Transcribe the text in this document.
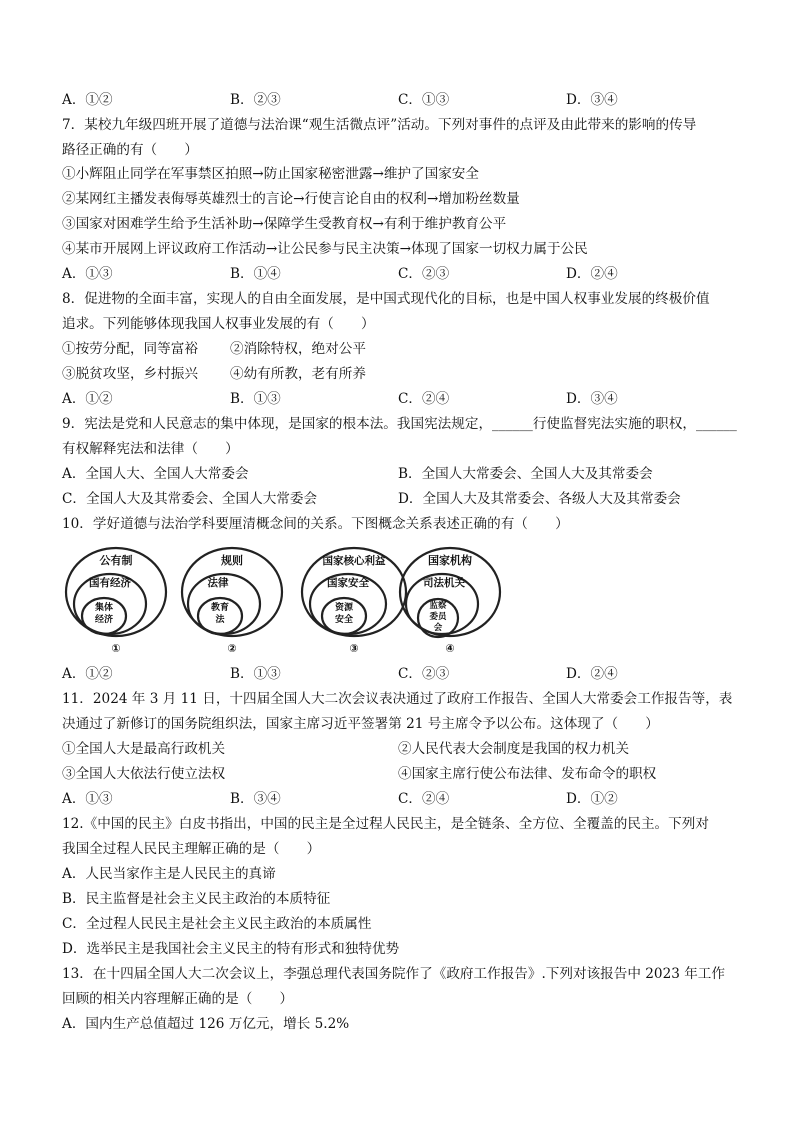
A．①②	B．②③	C．①③	D．③④
7．某校九年级四班开展了道德与法治课“观生活微点评”活动。下列对事件的点评及由此带来的影响的传导
路径正确的有（　　）
①小辉阻止同学在军事禁区拍照→防止国家秘密泄露→维护了国家安全
②某网红主播发表侮辱英雄烈士的言论→行使言论自由的权利→增加粉丝数量
③国家对困难学生给予生活补助→保障学生受教育权→有利于维护教育公平
④某市开展网上评议政府工作活动→让公民参与民主决策→体现了国家一切权力属于公民
A．①③	B．①④	C．②③	D．②④
8．促进物的全面丰富，实现人的自由全面发展，是中国式现代化的目标，也是中国人权事业发展的终极价值
追求。下列能够体现我国人权事业发展的有（　　）
①按劳分配，同等富裕 ②消除特权，绝对公平
③脱贫攻坚，乡村振兴 ④幼有所教，老有所养
A．①②	B．①③	C．②④	D．③④
9．宪法是党和人民意志的集中体现，是国家的根本法。我国宪法规定，______行使监督宪法实施的职权，______
有权解释宪法和法律（　　）
A．全国人大、全国人大常委会	B．全国人大常委会、全国人大及其常委会
C．全国人大及其常委会、全国人大常委会	D．全国人大及其常委会、各级人大及其常委会
10．学好道德与法治学科要厘清概念间的关系。下图概念关系表述正确的有（　　）
公有制
国有经济
集体
经济
①
规则
法律
教育
法
②
国家核心利益
国家安全
资源
安全
③
国家机构
司法机关
监察
委员
会
④
A．①②	B．①③	C．②③	D．②④
11．2024 年 3 月 11 日，十四届全国人大二次会议表决通过了政府工作报告、全国人大常委会工作报告等，表
决通过了新修订的国务院组织法，国家主席习近平签署第 21 号主席令予以公布。这体现了（　　）
①全国人大是最高行政机关	②人民代表大会制度是我国的权力机关
③全国人大依法行使立法权	④国家主席行使公布法律、发布命令的职权
A．①③	B．③④	C．②④	D．①②
12.《中国的民主》白皮书指出，中国的民主是全过程人民民主，是全链条、全方位、全覆盖的民主。下列对
我国全过程人民民主理解正确的是（　　）
A．人民当家作主是人民民主的真谛
B．民主监督是社会主义民主政治的本质特征
C．全过程人民民主是社会主义民主政治的本质属性
D．选举民主是我国社会主义民主的特有形式和独特优势
13．在十四届全国人大二次会议上，李强总理代表国务院作了《政府工作报告》.下列对该报告中 2023 年工作
回顾的相关内容理解正确的是（　　）
A．国内生产总值超过 126 万亿元，增长 5.2%
